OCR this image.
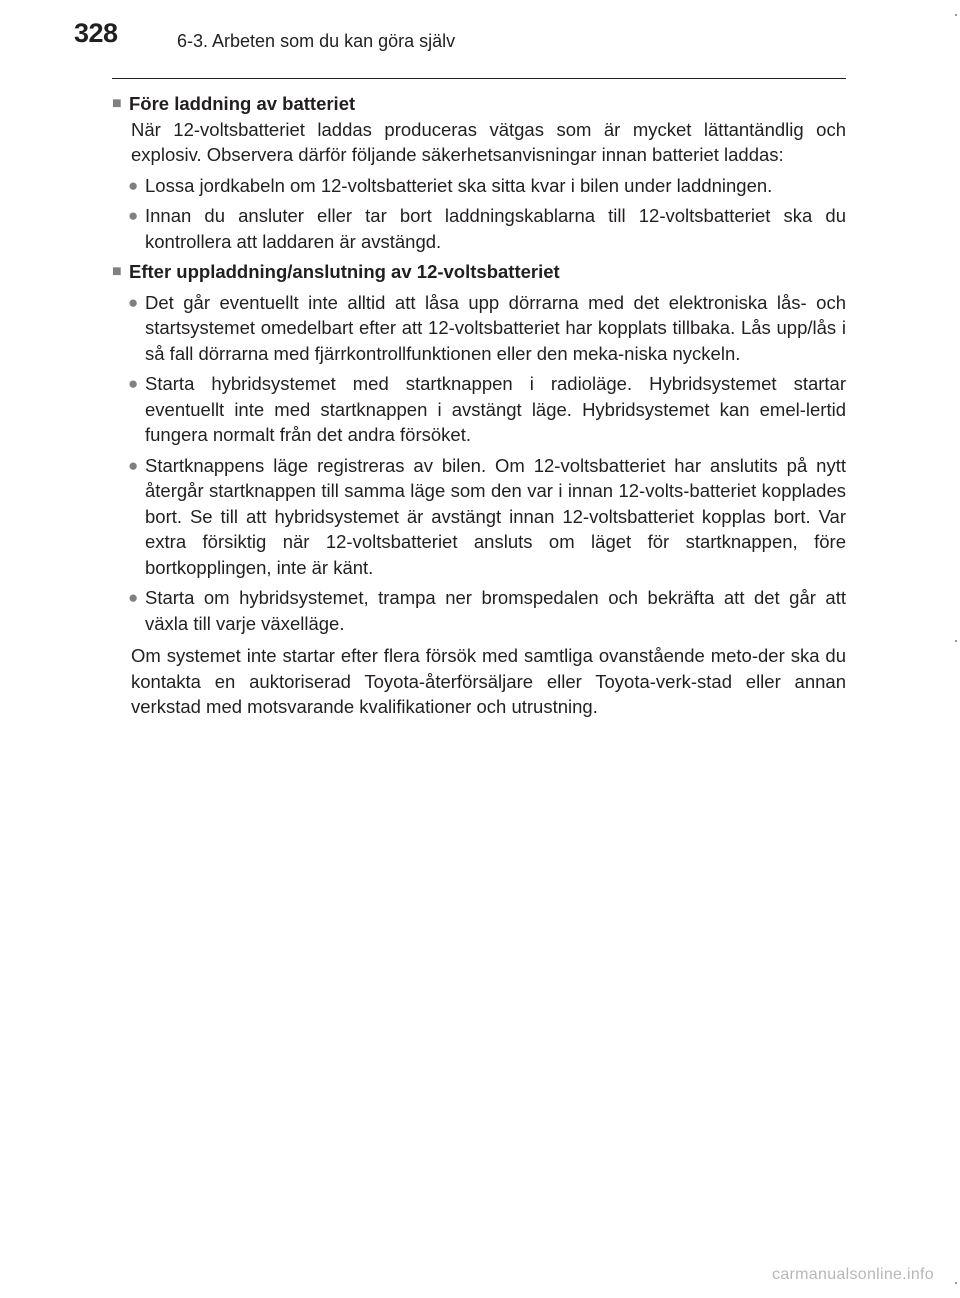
328	6-3. Arbeten som du kan göra själv
■ Före laddning av batteriet
När 12-voltsbatteriet laddas produceras vätgas som är mycket lättantändlig och explosiv. Observera därför följande säkerhetsanvisningar innan batteriet laddas:
● Lossa jordkabeln om 12-voltsbatteriet ska sitta kvar i bilen under laddningen.
● Innan du ansluter eller tar bort laddningskablarna till 12-voltsbatteriet ska du kontrollera att laddaren är avstängd.
■ Efter uppladdning/anslutning av 12-voltsbatteriet
● Det går eventuellt inte alltid att låsa upp dörrarna med det elektroniska lås- och startsystemet omedelbart efter att 12-voltsbatteriet har kopplats tillbaka. Lås upp/lås i så fall dörrarna med fjärrkontrollfunktionen eller den meka-niska nyckeln.
● Starta hybridsystemet med startknappen i radioläge. Hybridsystemet startar eventuellt inte med startknappen i avstängt läge. Hybridsystemet kan emel-lertid fungera normalt från det andra försöket.
● Startknappens läge registreras av bilen. Om 12-voltsbatteriet har anslutits på nytt återgår startknappen till samma läge som den var i innan 12-volts-batteriet kopplades bort. Se till att hybridsystemet är avstängt innan 12-voltsbatteriet kopplas bort. Var extra försiktig när 12-voltsbatteriet ansluts om läget för startknappen, före bortkopplingen, inte är känt.
● Starta om hybridsystemet, trampa ner bromspedalen och bekräfta att det går att växla till varje växelläge.
Om systemet inte startar efter flera försök med samtliga ovanstående meto-der ska du kontakta en auktoriserad Toyota-återförsäljare eller Toyota-verk-stad eller annan verkstad med motsvarande kvalifikationer och utrustning.
carmanualsonline.info
